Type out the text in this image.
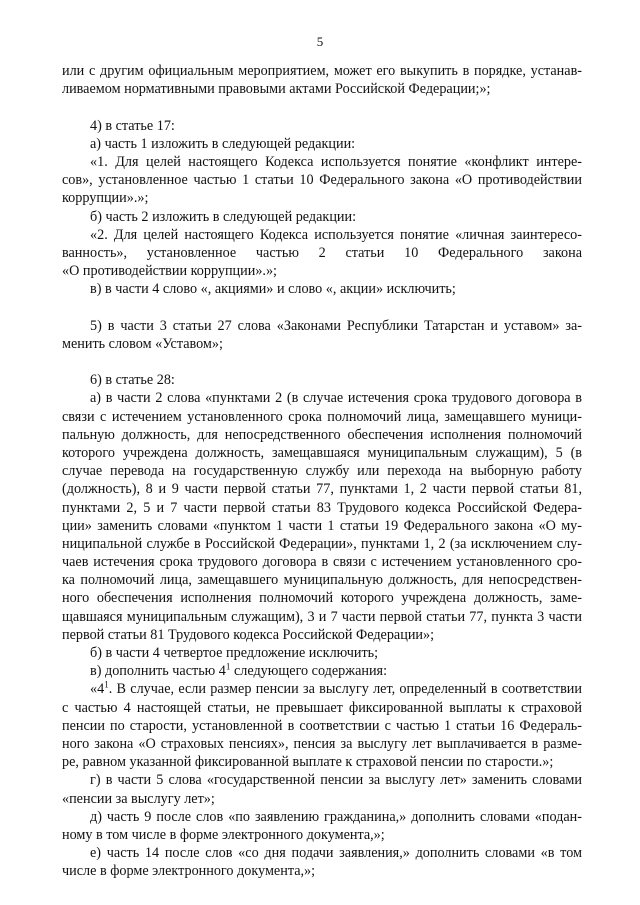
5
или с другим официальным мероприятием, может его выкупить в порядке, устанав-
ливаемом нормативными правовыми актами Российской Федерации;»;
4) в статье 17:
а) часть 1 изложить в следующей редакции:
«1. Для целей настоящего Кодекса используется понятие «конфликт интере-
сов», установленное частью 1 статьи 10 Федерального закона «О противодействии
коррупции».»;
б) часть 2 изложить в следующей редакции:
«2. Для целей настоящего Кодекса используется понятие «личная заинтересо-
ванность», установленное частью 2 статьи 10 Федерального закона
«О противодействии коррупции».»;
в) в части 4 слово «, акциями» и слово «, акции» исключить;
5) в части 3 статьи 27 слова «Законами Республики Татарстан и уставом» за-
менить словом «Уставом»;
6) в статье 28:
а) в части 2 слова «пунктами 2 (в случае истечения срока трудового договора в
связи с истечением установленного срока полномочий лица, замещавшего муници-
пальную должность, для непосредственного обеспечения исполнения полномочий
которого учреждена должность, замещавшаяся муниципальным служащим), 5 (в
случае перевода на государственную службу или перехода на выборную работу
(должность), 8 и 9 части первой статьи 77, пунктами 1, 2 части первой статьи 81,
пунктами 2, 5 и 7 части первой статьи 83 Трудового кодекса Российской Федера-
ции» заменить словами «пунктом 1 части 1 статьи 19 Федерального закона «О му-
ниципальной службе в Российской Федерации», пунктами 1, 2 (за исключением слу-
чаев истечения срока трудового договора в связи с истечением установленного сро-
ка полномочий лица, замещавшего муниципальную должность, для непосредствен-
ного обеспечения исполнения полномочий которого учреждена должность, заме-
щавшаяся муниципальным служащим), 3 и 7 части первой статьи 77, пункта 3 части
первой статьи 81 Трудового кодекса Российской Федерации»;
б) в части 4 четвертое предложение исключить;
в) дополнить частью $4^1$ следующего содержания:
«$4^1$. В случае, если размер пенсии за выслугу лет, определенный в соответствии
с частью 4 настоящей статьи, не превышает фиксированной выплаты к страховой
пенсии по старости, установленной в соответствии с частью 1 статьи 16 Федераль-
ного закона «О страховых пенсиях», пенсия за выслугу лет выплачивается в разме-
ре, равном указанной фиксированной выплате к страховой пенсии по старости.»;
г) в части 5 слова «государственной пенсии за выслугу лет» заменить словами
«пенсии за выслугу лет»;
д) часть 9 после слов «по заявлению гражданина,» дополнить словами «подан-
ному в том числе в форме электронного документа,»;
е) часть 14 после слов «со дня подачи заявления,» дополнить словами «в том
числе в форме электронного документа,»;
